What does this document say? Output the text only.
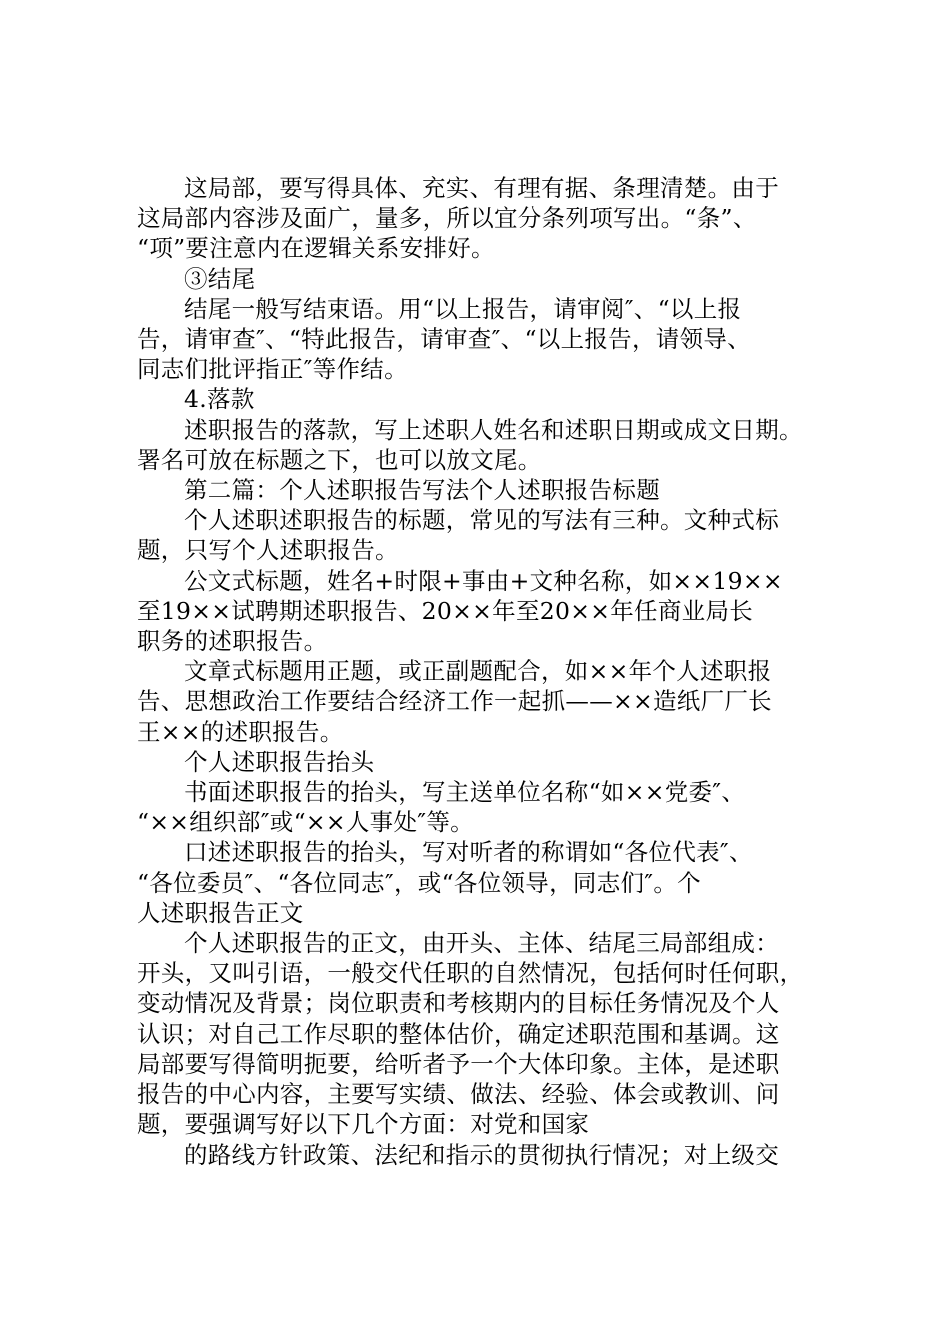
这局部，要写得具体、充实、有理有据、条理清楚。由于
这局部内容涉及面广，量多，所以宜分条列项写出。“条”、
“项”要注意内在逻辑关系安排好。
③结尾
结尾一般写结束语。用“以上报告，请审阅″、“以上报
告，请审查″、“特此报告，请审查″、“以上报告，请领导、
同志们批评指正″等作结。
4.落款
述职报告的落款，写上述职人姓名和述职日期或成文日期。
署名可放在标题之下，也可以放文尾。
第二篇：个人述职报告写法个人述职报告标题
个人述职述职报告的标题，常见的写法有三种。文种式标
题，只写个人述职报告。
公文式标题，姓名+时限+事由+文种名称，如××19××
至19××试聘期述职报告、20××年至20××年任商业局长
职务的述职报告。
文章式标题用正题，或正副题配合，如××年个人述职报
告、思想政治工作要结合经济工作一起抓——××造纸厂厂长
王××的述职报告。
个人述职报告抬头
书面述职报告的抬头，写主送单位名称“如××党委″、
“××组织部″或“××人事处″等。
口述述职报告的抬头，写对听者的称谓如“各位代表″、
“各位委员″、“各位同志″，或“各位领导，同志们″。个
人述职报告正文
个人述职报告的正文，由开头、主体、结尾三局部组成：
开头，又叫引语，一般交代任职的自然情况，包括何时任何职，
变动情况及背景；岗位职责和考核期内的目标任务情况及个人
认识；对自己工作尽职的整体估价，确定述职范围和基调。这
局部要写得简明扼要，给听者予一个大体印象。主体，是述职
报告的中心内容，主要写实绩、做法、经验、体会或教训、问
题，要强调写好以下几个方面：对党和国家
的路线方针政策、法纪和指示的贯彻执行情况；对上级交
